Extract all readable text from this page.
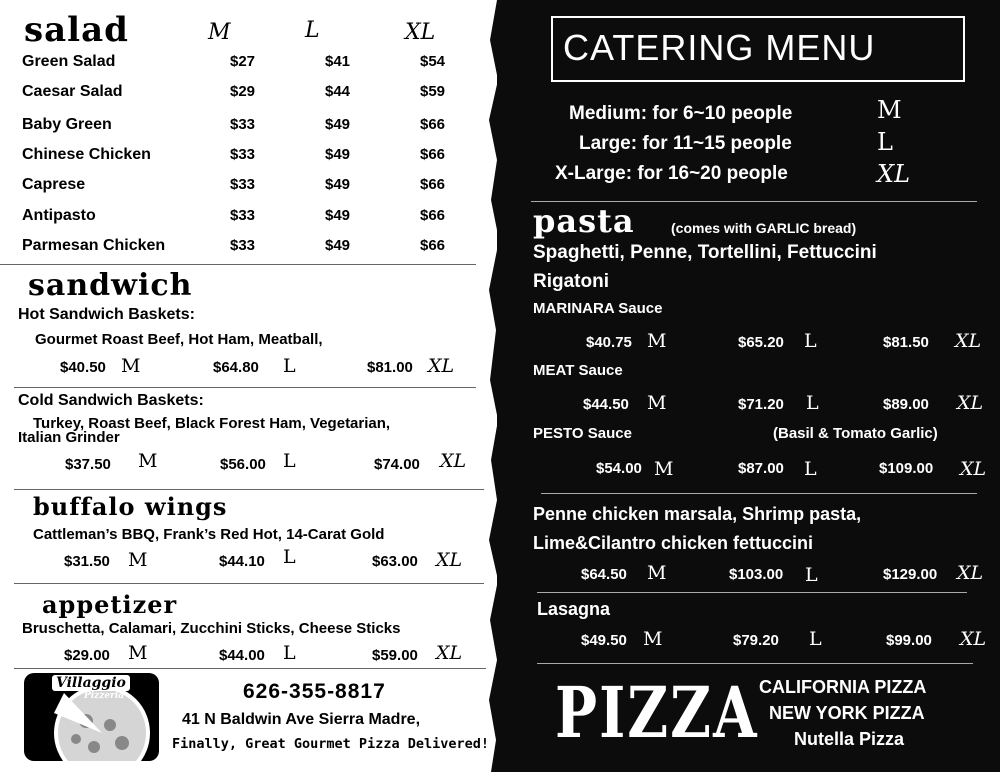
salad	M	L	XL
Green Salad	$27	$41	$54
Caesar Salad	$29	$44	$59
Baby Green	$33	$49	$66
Chinese Chicken	$33	$49	$66
Caprese	$33	$49	$66
Antipasto	$33	$49	$66
Parmesan Chicken	$33	$49	$66
sandwich
Hot Sandwich Baskets:
Gourmet Roast Beef, Hot Ham, Meatball,
$40.50 M	$64.80 L	$81.00 XL
Cold Sandwich Baskets:
Turkey, Roast Beef, Black Forest Ham, Vegetarian,
Italian Grinder
$37.50 M	$56.00 L	$74.00 XL
buffalo wings
Cattleman’s BBQ, Frank’s Red Hot, 14-Carat Gold
$31.50 M	$44.10 L	$63.00 XL
appetizer
Bruschetta, Calamari, Zucchini Sticks, Cheese Sticks
$29.00 M	$44.00 L	$59.00 XL
Villaggio
Pizzeria	626-355-8817
41 N Baldwin Ave Sierra Madre,
Finally, Great Gourmet Pizza Delivered!
CATERING MENU
Medium: for 6~10 people	M
Large: for 11~15 people	L
X-Large: for 16~20 people	XL
pasta	(comes with GARLIC bread)
Spaghetti, Penne, Tortellini, Fettuccini
Rigatoni
MARINARA Sauce
$40.75 M	$65.20 L	$81.50 XL
MEAT Sauce
$44.50 M	$71.20 L	$89.00 XL
PESTO Sauce	(Basil & Tomato Garlic)
$54.00 M	$87.00 L	$109.00 XL
Penne chicken marsala, Shrimp pasta,
Lime&Cilantro chicken fettuccini
$64.50 M	$103.00 L	$129.00 XL
Lasagna
$49.50 M	$79.20 L	$99.00 XL
PIZZA CALIFORNIA PIZZA
NEW YORK PIZZA
Nutella Pizza
